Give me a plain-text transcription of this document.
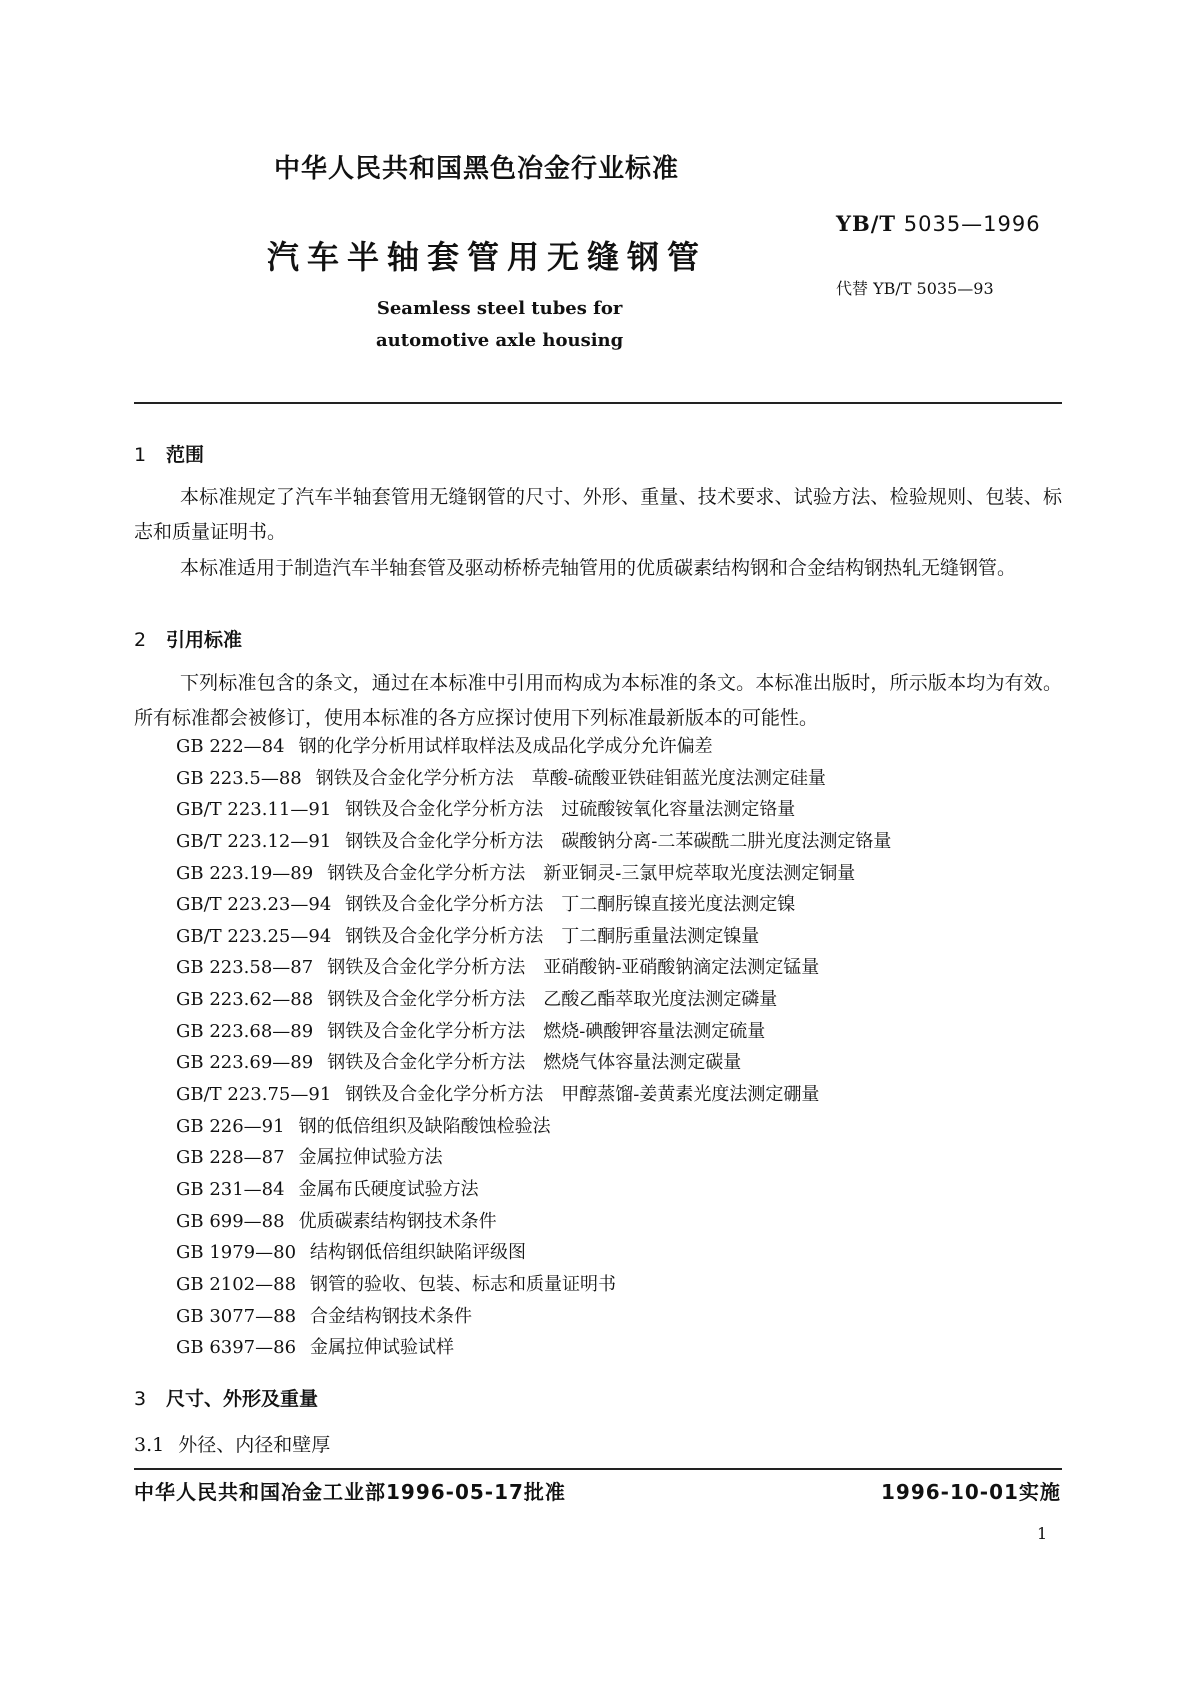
中华人民共和国黑色冶金行业标准
YB/T 5035—1996
汽车半轴套管用无缝钢管
代替 YB/T 5035—93
Seamless steel tubes for
automotive axle housing
1 范围
本标准规定了汽车半轴套管用无缝钢管的尺寸、外形、重量、技术要求、试验方法、检验规则、包装、标志和质量证明书。
本标准适用于制造汽车半轴套管及驱动桥桥壳轴管用的优质碳素结构钢和合金结构钢热轧无缝钢管。
2 引用标准
下列标准包含的条文，通过在本标准中引用而构成为本标准的条文。本标准出版时，所示版本均为有效。所有标准都会被修订，使用本标准的各方应探讨使用下列标准最新版本的可能性。
GB 222—84 钢的化学分析用试样取样法及成品化学成分允许偏差
GB 223.5—88 钢铁及合金化学分析方法　草酸-硫酸亚铁硅钼蓝光度法测定硅量
GB/T 223.11—91 钢铁及合金化学分析方法　过硫酸铵氧化容量法测定铬量
GB/T 223.12—91 钢铁及合金化学分析方法　碳酸钠分离-二苯碳酰二肼光度法测定铬量
GB 223.19—89 钢铁及合金化学分析方法　新亚铜灵-三氯甲烷萃取光度法测定铜量
GB/T 223.23—94 钢铁及合金化学分析方法　丁二酮肟镍直接光度法测定镍
GB/T 223.25—94 钢铁及合金化学分析方法　丁二酮肟重量法测定镍量
GB 223.58—87 钢铁及合金化学分析方法　亚硝酸钠-亚硝酸钠滴定法测定锰量
GB 223.62—88 钢铁及合金化学分析方法　乙酸乙酯萃取光度法测定磷量
GB 223.68—89 钢铁及合金化学分析方法　燃烧-碘酸钾容量法测定硫量
GB 223.69—89 钢铁及合金化学分析方法　燃烧气体容量法测定碳量
GB/T 223.75—91 钢铁及合金化学分析方法　甲醇蒸馏-姜黄素光度法测定硼量
GB 226—91 钢的低倍组织及缺陷酸蚀检验法
GB 228—87 金属拉伸试验方法
GB 231—84 金属布氏硬度试验方法
GB 699—88 优质碳素结构钢技术条件
GB 1979—80 结构钢低倍组织缺陷评级图
GB 2102—88 钢管的验收、包装、标志和质量证明书
GB 3077—88 合金结构钢技术条件
GB 6397—86 金属拉伸试验试样
3 尺寸、外形及重量
3.1 外径、内径和壁厚
中华人民共和国冶金工业部1996-05-17批准	1996-10-01实施
1
